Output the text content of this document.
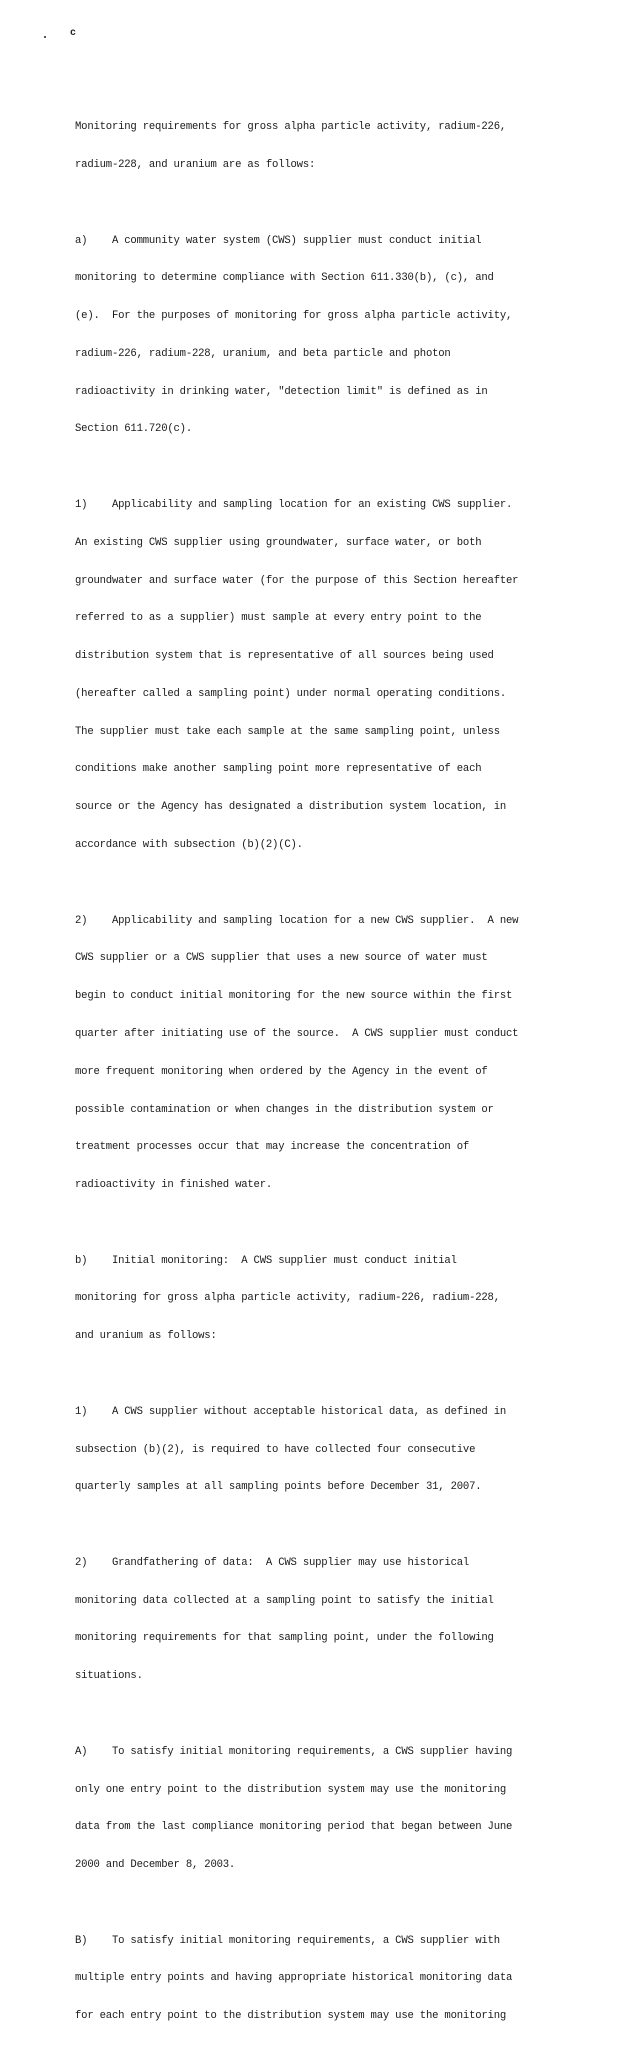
c

Monitoring requirements for gross alpha particle activity, radium-226,

radium-228, and uranium are as follows:

a)    A community water system (CWS) supplier must conduct initial

monitoring to determine compliance with Section 611.330(b), (c), and

(e).  For the purposes of monitoring for gross alpha particle activity,

radium-226, radium-228, uranium, and beta particle and photon

radioactivity in drinking water, "detection limit" is defined as in

Section 611.720(c).

1)    Applicability and sampling location for an existing CWS supplier.

An existing CWS supplier using groundwater, surface water, or both

groundwater and surface water (for the purpose of this Section hereafter

referred to as a supplier) must sample at every entry point to the

distribution system that is representative of all sources being used

(hereafter called a sampling point) under normal operating conditions.

The supplier must take each sample at the same sampling point, unless

conditions make another sampling point more representative of each

source or the Agency has designated a distribution system location, in

accordance with subsection (b)(2)(C).

2)    Applicability and sampling location for a new CWS supplier.  A new

CWS supplier or a CWS supplier that uses a new source of water must

begin to conduct initial monitoring for the new source within the first

quarter after initiating use of the source.  A CWS supplier must conduct

more frequent monitoring when ordered by the Agency in the event of

possible contamination or when changes in the distribution system or

treatment processes occur that may increase the concentration of

radioactivity in finished water.

b)    Initial monitoring:  A CWS supplier must conduct initial

monitoring for gross alpha particle activity, radium-226, radium-228,

and uranium as follows:

1)    A CWS supplier without acceptable historical data, as defined in

subsection (b)(2), is required to have collected four consecutive

quarterly samples at all sampling points before December 31, 2007.

2)    Grandfathering of data:  A CWS supplier may use historical

monitoring data collected at a sampling point to satisfy the initial

monitoring requirements for that sampling point, under the following

situations.

A)    To satisfy initial monitoring requirements, a CWS supplier having

only one entry point to the distribution system may use the monitoring

data from the last compliance monitoring period that began between June

2000 and December 8, 2003.

B)    To satisfy initial monitoring requirements, a CWS supplier with

multiple entry points and having appropriate historical monitoring data

for each entry point to the distribution system may use the monitoring
